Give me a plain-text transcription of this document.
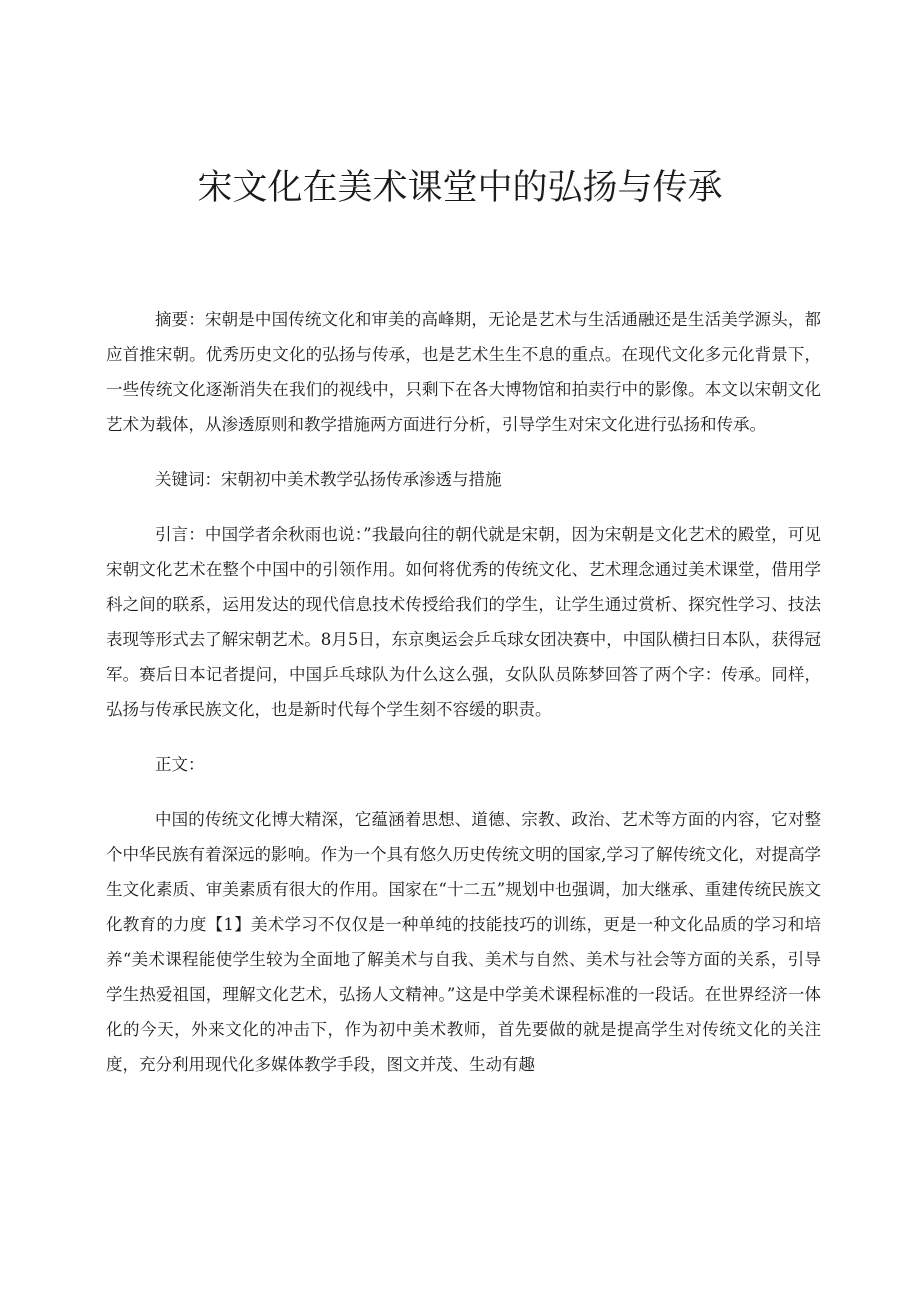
宋文化在美术课堂中的弘扬与传承

摘要：宋朝是中国传统文化和审美的高峰期，无论是艺术与生活通融还是生活美学源头，都应首推宋朝。优秀历史文化的弘扬与传承，也是艺术生生不息的重点。在现代文化多元化背景下，一些传统文化逐渐消失在我们的视线中，只剩下在各大博物馆和拍卖行中的影像。本文以宋朝文化艺术为载体，从渗透原则和教学措施两方面进行分析，引导学生对宋文化进行弘扬和传承。

关键词：宋朝初中美术教学弘扬传承渗透与措施

引言：中国学者余秋雨也说：”我最向往的朝代就是宋朝，因为宋朝是文化艺术的殿堂，可见宋朝文化艺术在整个中国中的引领作用。如何将优秀的传统文化、艺术理念通过美术课堂，借用学科之间的联系，运用发达的现代信息技术传授给我们的学生，让学生通过赏析、探究性学习、技法表现等形式去了解宋朝艺术。8月5日，东京奥运会乒乓球女团决赛中，中国队横扫日本队，获得冠军。赛后日本记者提问，中国乒乓球队为什么这么强，女队队员陈梦回答了两个字：传承。同样，弘扬与传承民族文化，也是新时代每个学生刻不容缓的职责。

正文：

中国的传统文化博大精深，它蕴涵着思想、道德、宗教、政治、艺术等方面的内容，它对整个中华民族有着深远的影响。作为一个具有悠久历史传统文明的国家,学习了解传统文化，对提高学生文化素质、审美素质有很大的作用。国家在“十二五”规划中也强调，加大继承、重建传统民族文化教育的力度【1】美术学习不仅仅是一种单纯的技能技巧的训练，更是一种文化品质的学习和培养“美术课程能使学生较为全面地了解美术与自我、美术与自然、美术与社会等方面的关系，引导学生热爱祖国，理解文化艺术，弘扬人文精神。”这是中学美术课程标准的一段话。在世界经济一体化的今天，外来文化的冲击下，作为初中美术教师，首先要做的就是提高学生对传统文化的关注度，充分利用现代化多媒体教学手段，图文并茂、生动有趣
